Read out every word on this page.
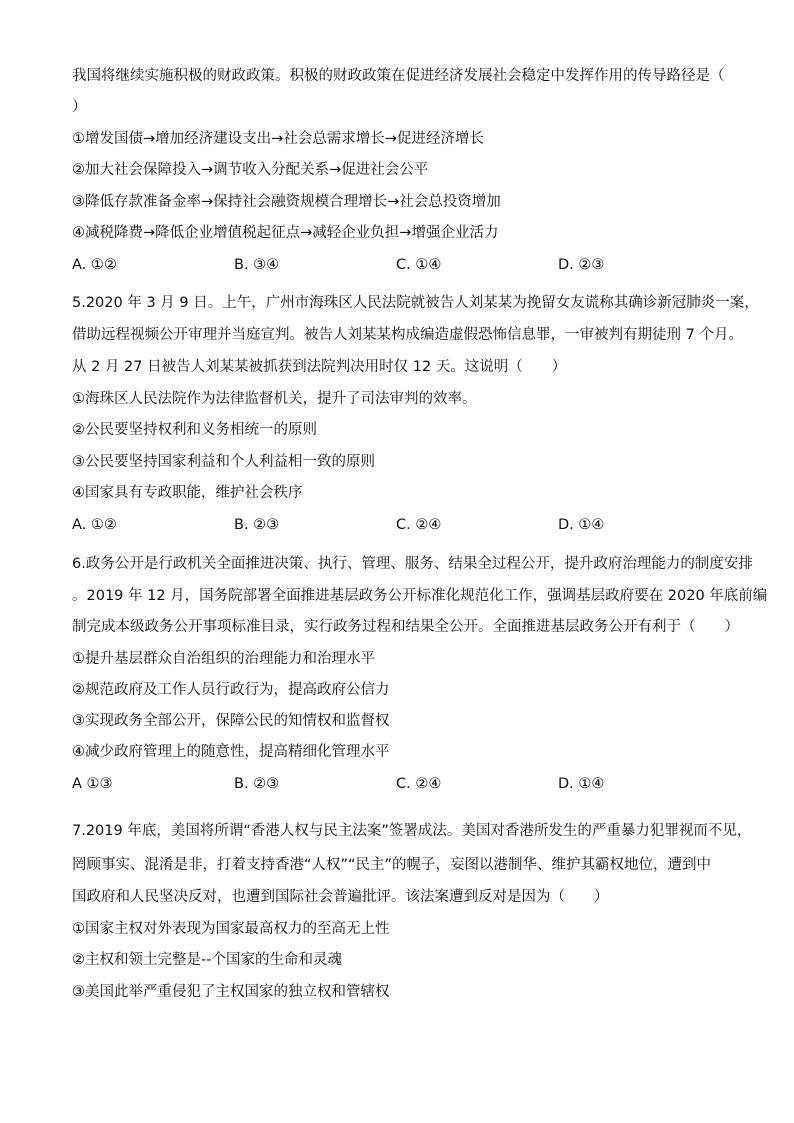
我国将继续实施积极的财政政策。积极的财政政策在促进经济发展社会稳定中发挥作用的传导路径是（
）
①增发国债→增加经济建设支出→社会总需求增长→促进经济增长
②加大社会保障投入→调节收入分配关系→促进社会公平
③降低存款准备金率→保持社会融资规模合理增长→社会总投资增加
④减税降费→降低企业增值税起征点→减轻企业负担→增强企业活力
A. ①②	B. ③④	C. ①④	D. ②③
5.2020 年 3 月 9 日。上午，广州市海珠区人民法院就被告人刘某某为挽留女友谎称其确诊新冠肺炎一案，
借助远程视频公开审理并当庭宣判。被告人刘某某构成编造虚假恐怖信息罪，一审被判有期徒刑 7 个月。
从 2 月 27 日被告人刘某某被抓获到法院判决用时仅 12 天。这说明（　　）
①海珠区人民法院作为法律监督机关，提升了司法审判的效率。
②公民要坚持权利和义务相统一的原则
③公民要坚持国家利益和个人利益相一致的原则
④国家具有专政职能，维护社会秩序
A. ①②	B. ②③	C. ②④	D. ①④
6.政务公开是行政机关全面推进决策、执行、管理、服务、结果全过程公开，提升政府治理能力的制度安排
。2019 年 12 月，国务院部署全面推进基层政务公开标准化规范化工作，强调基层政府要在 2020 年底前编
制完成本级政务公开事项标准目录，实行政务过程和结果全公开。全面推进基层政务公开有利于（　　）
①提升基层群众自治组织的治理能力和治理水平
②规范政府及工作人员行政行为，提高政府公信力
③实现政务全部公开，保障公民的知情权和监督权
④减少政府管理上的随意性，提高精细化管理水平
A ①③	B. ②③	C. ②④	D. ①④
7.2019 年底，美国将所谓“香港人权与民主法案”签署成法。美国对香港所发生的严重暴力犯罪视而不见，
罔顾事实、混淆是非，打着支持香港“人权”“民主”的幌子，妄图以港制华、维护其霸权地位，遭到中
国政府和人民坚决反对，也遭到国际社会普遍批评。该法案遭到反对是因为（　　）
①国家主权对外表现为国家最高权力的至高无上性
②主权和领土完整是--个国家的生命和灵魂
③美国此举严重侵犯了主权国家的独立权和管辖权
